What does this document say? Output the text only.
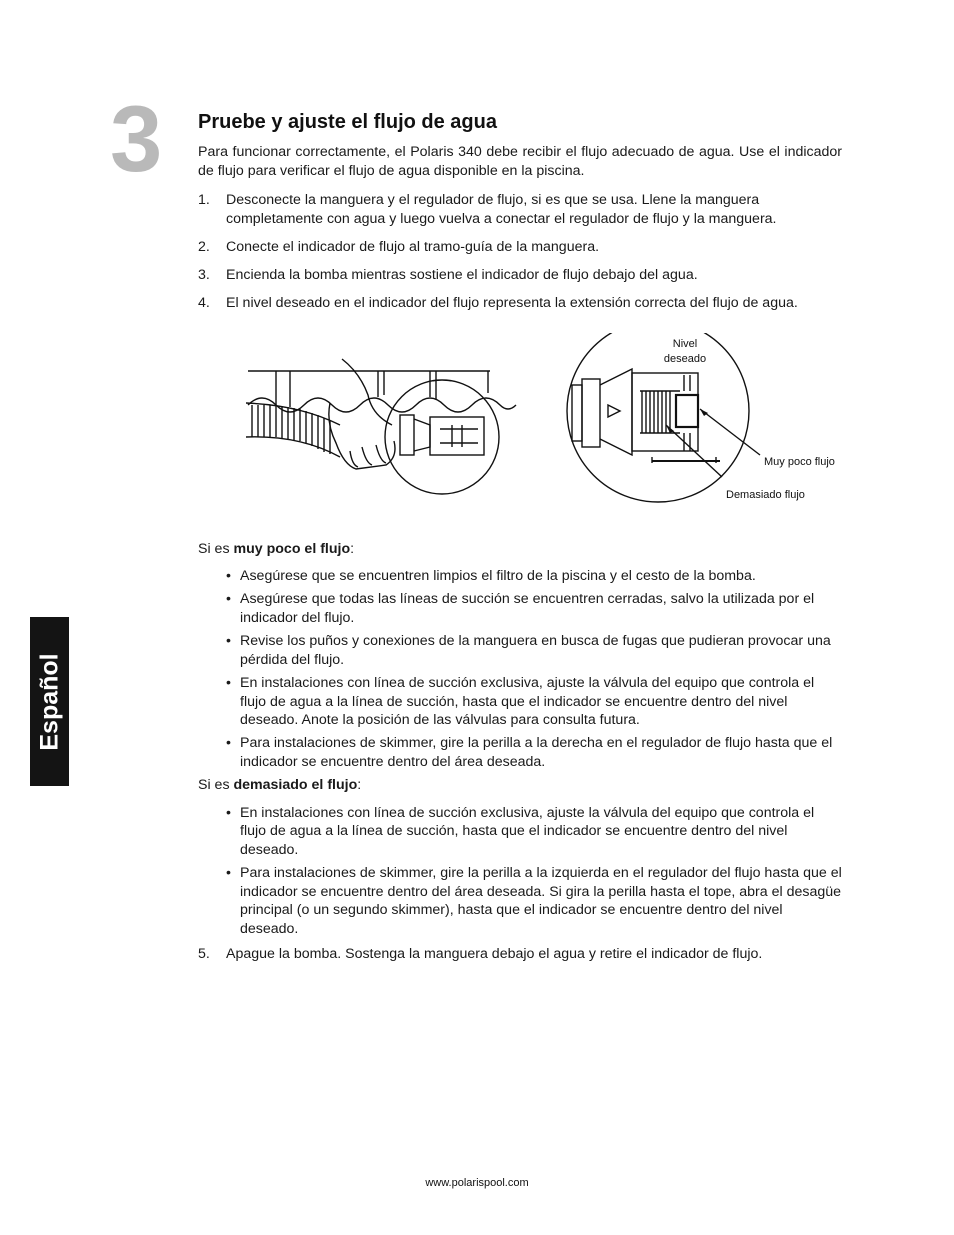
3 Pruebe y ajuste el flujo de agua

Para funcionar correctamente, el Polaris 340 debe recibir el flujo adecuado de agua. Use el indicador de flujo para verificar el flujo de agua disponible en la piscina.

1. Desconecte la manguera y el regulador de flujo, si es que se usa. Llene la manguera completamente con agua y luego vuelva a conectar el regulador de flujo y la manguera.
2. Conecte el indicador de flujo al tramo-guía de la manguera.
3. Encienda la bomba mientras sostiene el indicador de flujo debajo del agua.
4. El nivel deseado en el indicador del flujo representa la extensión correcta del flujo de agua.
Nivel
deseado
Muy poco flujo
Demasiado flujo

Si es muy poco el flujo:

• Asegúrese que se encuentren limpios el filtro de la piscina y el cesto de la bomba.
• Asegúrese que todas las líneas de succión se encuentren cerradas, salvo la utilizada por el indicador del flujo.
• Revise los puños y conexiones de la manguera en busca de fugas que pudieran provocar una pérdida del flujo.
• En instalaciones con línea de succión exclusiva, ajuste la válvula del equipo que controla el flujo de agua a la línea de succión, hasta que el indicador se encuentre dentro del nivel deseado. Anote la posición de las válvulas para consulta futura.
• Para instalaciones de skimmer, gire la perilla a la derecha en el regulador de flujo hasta que el indicador se encuentre dentro del área deseada.

Si es demasiado el flujo:

• En instalaciones con línea de succión exclusiva, ajuste la válvula del equipo que controla el flujo de agua a la línea de succión, hasta que el indicador se encuentre dentro del nivel deseado.
• Para instalaciones de skimmer, gire la perilla a la izquierda en el regulador del flujo hasta que el indicador se encuentre dentro del área deseada. Si gira la perilla hasta el tope, abra el desagüe principal (o un segundo skimmer), hasta que el indicador se encuentre dentro del nivel deseado.
5. Apague la bomba. Sostenga la manguera debajo el agua y retire el indicador de flujo.
Español
www.polarispool.com
